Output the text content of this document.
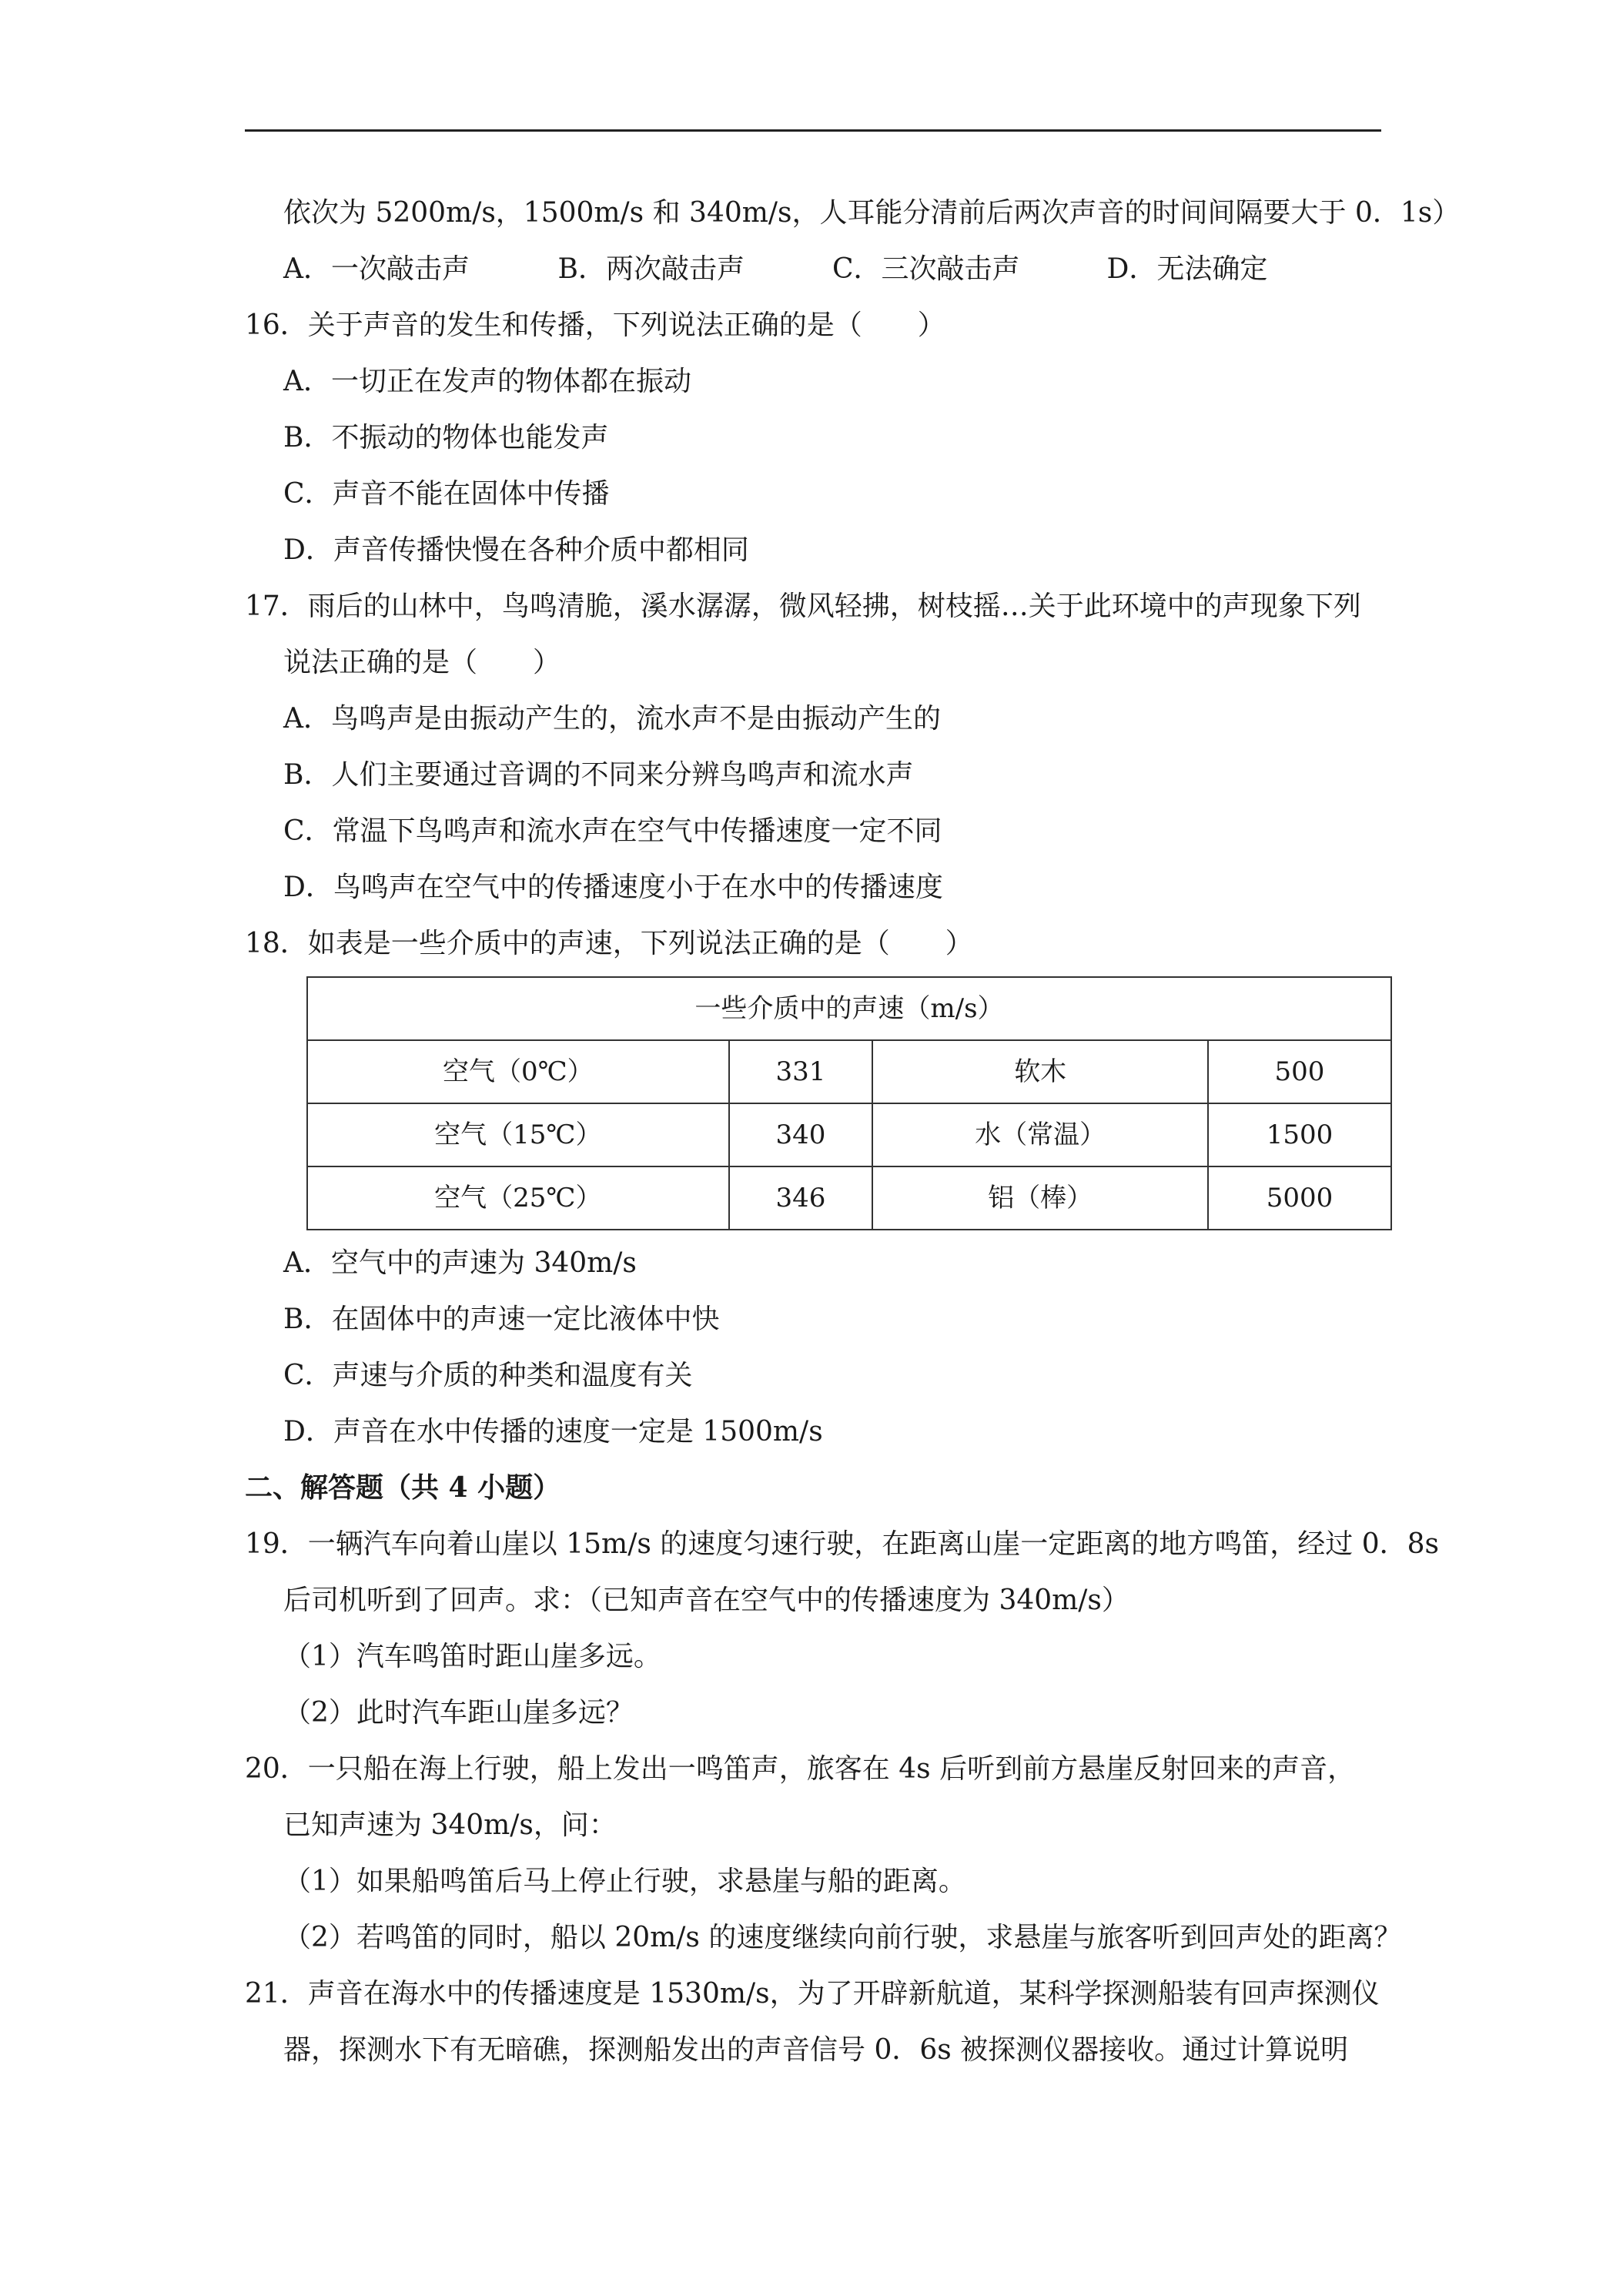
依次为 5200m/s，1500m/s 和 340m/s，人耳能分清前后两次声音的时间间隔要大于 0．1s）
A．一次敲击声	B．两次敲击声	C．三次敲击声	D．无法确定
16．关于声音的发生和传播，下列说法正确的是（　　）
A．一切正在发声的物体都在振动
B．不振动的物体也能发声
C．声音不能在固体中传播
D．声音传播快慢在各种介质中都相同
17．雨后的山林中，鸟鸣清脆，溪水潺潺，微风轻拂，树枝摇…关于此环境中的声现象下列
说法正确的是（　　）
A．鸟鸣声是由振动产生的，流水声不是由振动产生的
B．人们主要通过音调的不同来分辨鸟鸣声和流水声
C．常温下鸟鸣声和流水声在空气中传播速度一定不同
D．鸟鸣声在空气中的传播速度小于在水中的传播速度
18．如表是一些介质中的声速，下列说法正确的是（　　）
一些介质中的声速（m/s）			
空气（0℃）	331	软木	500
空气（15℃）	340	水（常温）	1500
空气（25℃）	346	铝（棒）	5000
A．空气中的声速为 340m/s
B．在固体中的声速一定比液体中快
C．声速与介质的种类和温度有关
D．声音在水中传播的速度一定是 1500m/s
二、解答题（共 4 小题）
19．一辆汽车向着山崖以 15m/s 的速度匀速行驶，在距离山崖一定距离的地方鸣笛，经过 0．8s
后司机听到了回声。求：（已知声音在空气中的传播速度为 340m/s）
（1）汽车鸣笛时距山崖多远。
（2）此时汽车距山崖多远？
20．一只船在海上行驶，船上发出一鸣笛声，旅客在 4s 后听到前方悬崖反射回来的声音，
已知声速为 340m/s，问：
（1）如果船鸣笛后马上停止行驶，求悬崖与船的距离。
（2）若鸣笛的同时，船以 20m/s 的速度继续向前行驶，求悬崖与旅客听到回声处的距离？
21．声音在海水中的传播速度是 1530m/s，为了开辟新航道，某科学探测船装有回声探测仪
器，探测水下有无暗礁，探测船发出的声音信号 0．6s 被探测仪器接收。通过计算说明
